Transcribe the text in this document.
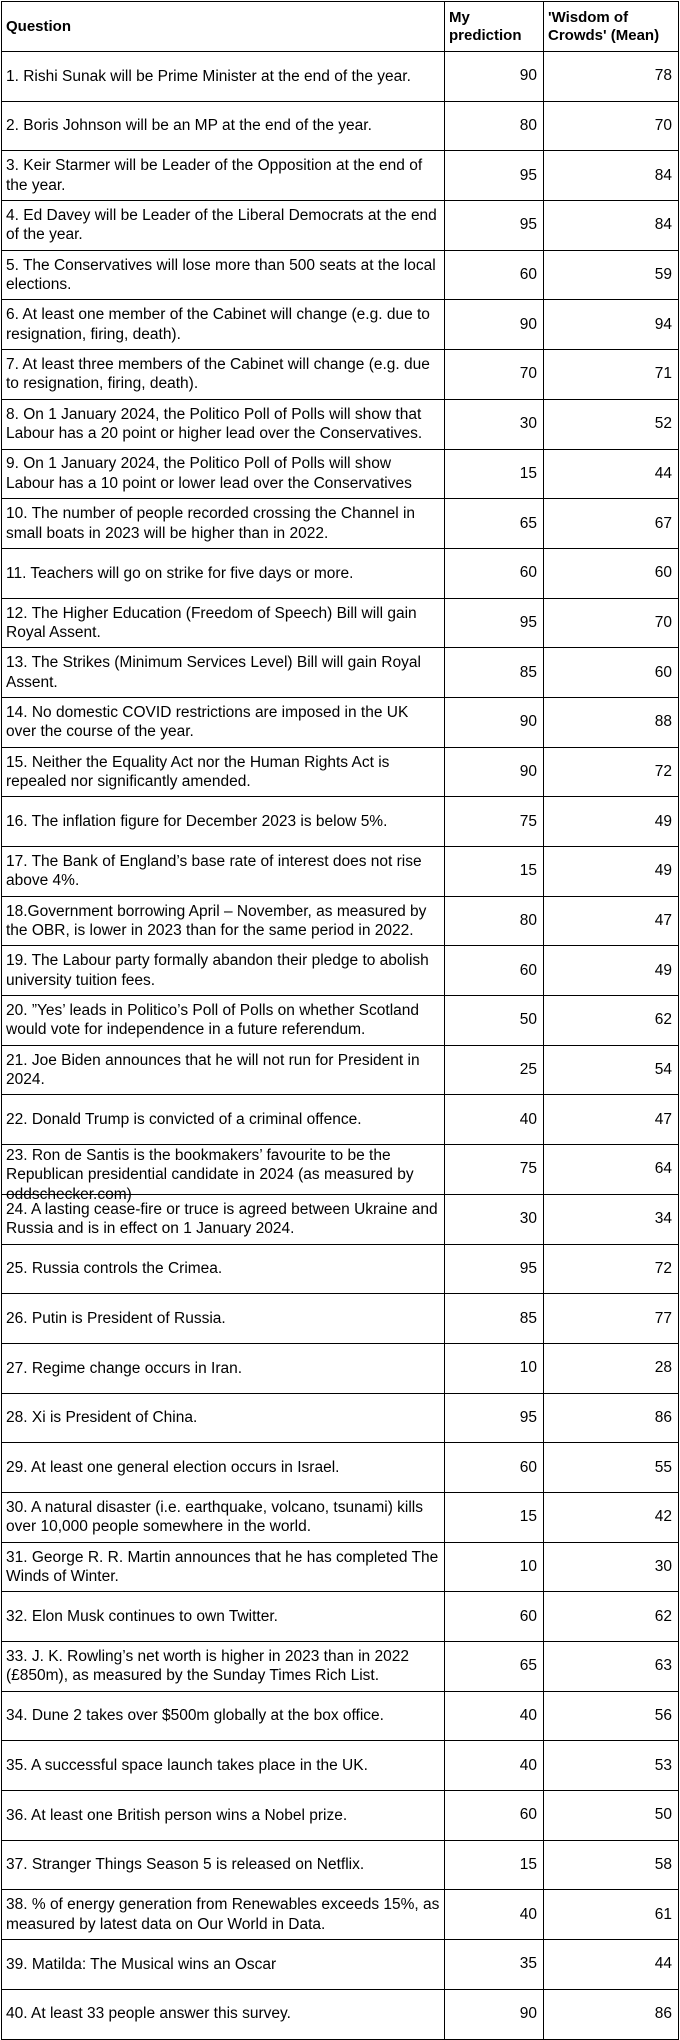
Question	My prediction	'Wisdom of Crowds' (Mean)

1. Rishi Sunak will be Prime Minister at the end of the year.	90	78

2. Boris Johnson will be an MP at the end of the year.	80	70

3. Keir Starmer will be Leader of the Opposition at the end of the year.	95	84

4. Ed Davey will be Leader of the Liberal Democrats at the end of the year.	95	84

5. The Conservatives will lose more than 500 seats at the local elections.	60	59

6. At least one member of the Cabinet will change (e.g. due to resignation, firing, death).	90	94

7. At least three members of the Cabinet will change (e.g. due to resignation, firing, death).	70	71

8. On 1 January 2024, the Politico Poll of Polls will show that Labour has a 20 point or higher lead over the Conservatives.	30	52

9. On 1 January 2024, the Politico Poll of Polls will show Labour has a 10 point or lower lead over the Conservatives	15	44

10. The number of people recorded crossing the Channel in small boats in 2023 will be higher than in 2022.	65	67

11. Teachers will go on strike for five days or more.	60	60

12. The Higher Education (Freedom of Speech) Bill will gain Royal Assent.	95	70

13. The Strikes (Minimum Services Level) Bill will gain Royal Assent.	85	60

14. No domestic COVID restrictions are imposed in the UK over the course of the year.	90	88

15. Neither the Equality Act nor the Human Rights Act is repealed nor significantly amended.	90	72

16. The inflation figure for December 2023 is below 5%.	75	49

17. The Bank of England’s base rate of interest does not rise above 4%.	15	49

18.Government borrowing April – November, as measured by the OBR, is lower in 2023 than for the same period in 2022.	80	47

19. The Labour party formally abandon their pledge to abolish university tuition fees.	60	49

20. ”Yes’ leads in Politico’s Poll of Polls on whether Scotland would vote for independence in a future referendum.	50	62

21. Joe Biden announces that he will not run for President in 2024.	25	54

22. Donald Trump is convicted of a criminal offence.	40	47

23. Ron de Santis is the bookmakers’ favourite to be the Republican presidential candidate in 2024 (as measured by oddschecker.com)	75	64

24. A lasting cease-fire or truce is agreed between Ukraine and Russia and is in effect on 1 January 2024.	30	34

25. Russia controls the Crimea.	95	72

26. Putin is President of Russia.	85	77

27. Regime change occurs in Iran.	10	28

28. Xi is President of China.	95	86

29. At least one general election occurs in Israel.	60	55

30. A natural disaster (i.e. earthquake, volcano, tsunami) kills over 10,000 people somewhere in the world.	15	42

31. George R. R. Martin announces that he has completed The Winds of Winter.	10	30

32. Elon Musk continues to own Twitter.	60	62

33. J. K. Rowling’s net worth is higher in 2023 than in 2022 (£850m), as measured by the Sunday Times Rich List.	65	63

34. Dune 2 takes over $500m globally at the box office.	40	56

35. A successful space launch takes place in the UK.	40	53

36. At least one British person wins a Nobel prize.	60	50

37. Stranger Things Season 5 is released on Netflix.	15	58

38. % of energy generation from Renewables exceeds 15%, as measured by latest data on Our World in Data.	40	61

39. Matilda: The Musical wins an Oscar	35	44

40. At least 33 people answer this survey.	90	86
